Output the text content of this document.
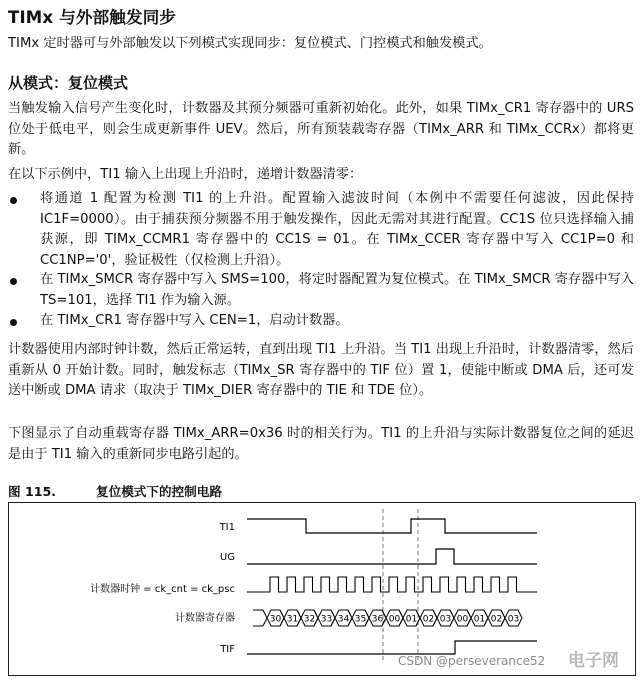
TIMx 与外部触发同步
TIMx 定时器可与外部触发以下列模式实现同步：复位模式、门控模式和触发模式。
从模式：复位模式
当触发输入信号产生变化时，计数器及其预分频器可重新初始化。此外，如果 TIMx_CR1 寄存器中的 URS 位处于低电平，则会生成更新事件 UEV。然后，所有预装载寄存器（TIMx_ARR 和 TIMx_CCRx）都将更新。
在以下示例中，TI1 输入上出现上升沿时，递增计数器清零：
将通道 1 配置为检测 TI1 的上升沿。配置输入滤波时间（本例中不需要任何滤波，因此保持 IC1F=0000）。由于捕获预分频器不用于触发操作，因此无需对其进行配置。CC1S 位只选择输入捕获源，即 TIMx_CCMR1 寄存器中的 CC1S = 01。在 TIMx_CCER 寄存器中写入 CC1P=0 和 CC1NP='0'，验证极性（仅检测上升沿）。
在 TIMx_SMCR 寄存器中写入 SMS=100，将定时器配置为复位模式。在 TIMx_SMCR 寄存器中写入 TS=101，选择 TI1 作为输入源。
在 TIMx_CR1 寄存器中写入 CEN=1，启动计数器。
计数器使用内部时钟计数，然后正常运转，直到出现 TI1 上升沿。当 TI1 出现上升沿时，计数器清零，然后重新从 0 开始计数。同时，触发标志（TIMx_SR 寄存器中的 TIF 位）置 1，使能中断或 DMA 后，还可发送中断或 DMA 请求（取决于 TIMx_DIER 寄存器中的 TIE 和 TDE 位）。
下图显示了自动重载寄存器 TIMx_ARR=0x36 时的相关行为。TI1 的上升沿与实际计数器复位之间的延迟是由于 TI1 输入的重新同步电路引起的。
图 115.	复位模式下的控制电路
TI1
UG
计数器时钟 = ck_cnt = ck_psc
计数器寄存器
TIF
30 31 32 33 34 35 36 00 01 02 03 00 01 02 03
CSDN @perseverance52 电子网
